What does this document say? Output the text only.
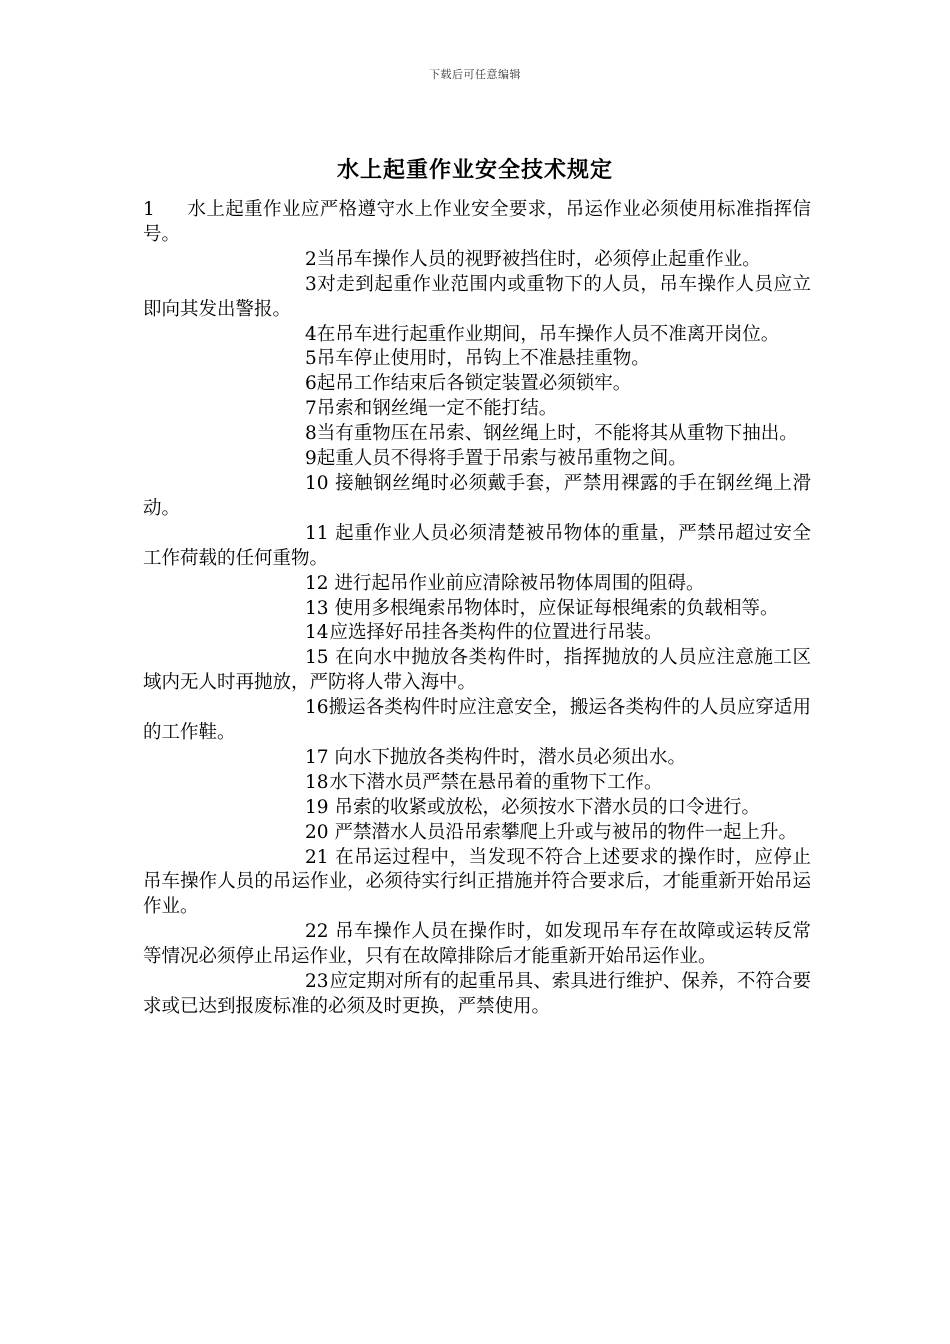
下载后可任意编辑
水上起重作业安全技术规定

1 水上起重作业应严格遵守水上作业安全要求，吊运作业必须使用标准指挥信号。

2当吊车操作人员的视野被挡住时，必须停止起重作业。

3对走到起重作业范围内或重物下的人员，吊车操作人员应立即向其发出警报。

4在吊车进行起重作业期间，吊车操作人员不准离开岗位。

5吊车停止使用时，吊钩上不准悬挂重物。

6起吊工作结束后各锁定装置必须锁牢。

7吊索和钢丝绳一定不能打结。

8当有重物压在吊索、钢丝绳上时，不能将其从重物下抽出。

9起重人员不得将手置于吊索与被吊重物之间。

10 接触钢丝绳时必须戴手套，严禁用裸露的手在钢丝绳上滑动。

11 起重作业人员必须清楚被吊物体的重量，严禁吊超过安全工作荷载的任何重物。

12 进行起吊作业前应清除被吊物体周围的阻碍。

13 使用多根绳索吊物体时，应保证每根绳索的负载相等。

14应选择好吊挂各类构件的位置进行吊装。

15 在向水中抛放各类构件时，指挥抛放的人员应注意施工区域内无人时再抛放，严防将人带入海中。

16搬运各类构件时应注意安全，搬运各类构件的人员应穿适用的工作鞋。

17 向水下抛放各类构件时，潜水员必须出水。

18水下潜水员严禁在悬吊着的重物下工作。

19 吊索的收紧或放松，必须按水下潜水员的口令进行。

20 严禁潜水人员沿吊索攀爬上升或与被吊的物件一起上升。

21 在吊运过程中，当发现不符合上述要求的操作时，应停止吊车操作人员的吊运作业，必须待实行纠正措施并符合要求后，才能重新开始吊运作业。

22 吊车操作人员在操作时，如发现吊车存在故障或运转反常等情况必须停止吊运作业，只有在故障排除后才能重新开始吊运作业。

23应定期对所有的起重吊具、索具进行维护、保养，不符合要求或已达到报废标准的必须及时更换，严禁使用。
